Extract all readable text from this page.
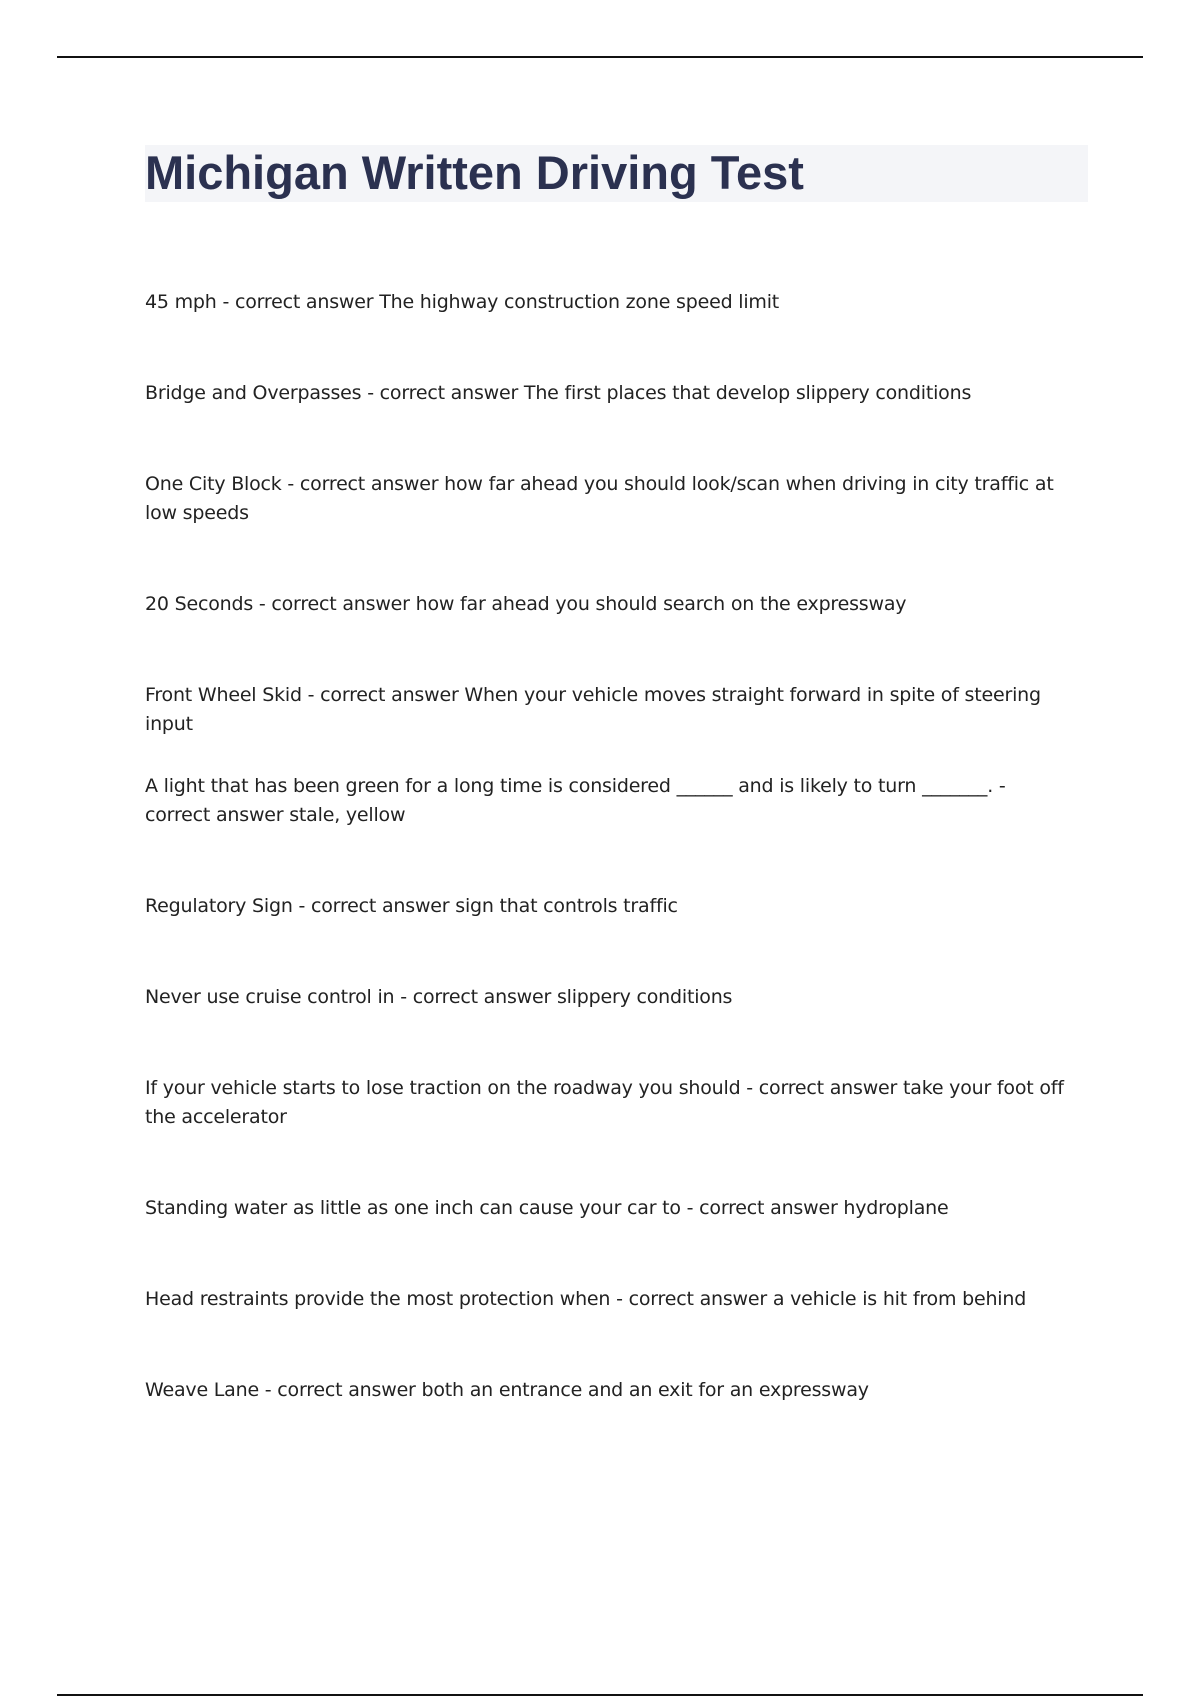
Michigan Written Driving Test
45 mph - correct answer The highway construction zone speed limit
Bridge and Overpasses - correct answer The first places that develop slippery conditions
One City Block - correct answer how far ahead you should look/scan when driving in city traffic at low speeds
20 Seconds - correct answer how far ahead you should search on the expressway
Front Wheel Skid - correct answer When your vehicle moves straight forward in spite of steering input
A light that has been green for a long time is considered ______ and is likely to turn _______. - correct answer stale, yellow
Regulatory Sign - correct answer sign that controls traffic
Never use cruise control in - correct answer slippery conditions
If your vehicle starts to lose traction on the roadway you should - correct answer take your foot off the accelerator
Standing water as little as one inch can cause your car to - correct answer hydroplane
Head restraints provide the most protection when - correct answer a vehicle is hit from behind
Weave Lane - correct answer both an entrance and an exit for an expressway
